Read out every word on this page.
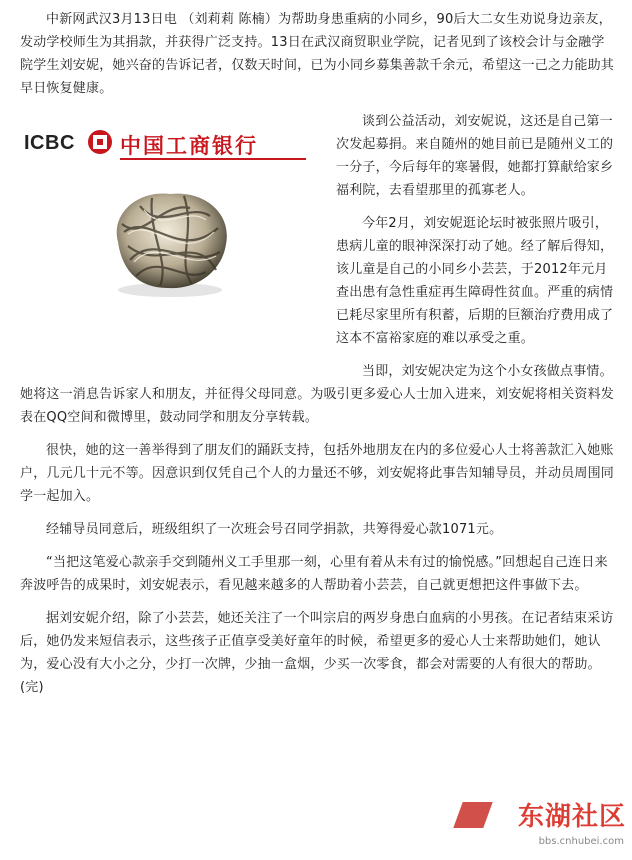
中新网武汉3月13日电 （刘莉莉 陈楠）为帮助身患重病的小同乡，90后大二女生劝说身边亲友，发动学校师生为其捐款，并获得广泛支持。13日在武汉商贸职业学院，记者见到了该校会计与金融学院学生刘安妮，她兴奋的告诉记者，仅数天时间，已为小同乡募集善款千余元，希望这一己之力能助其早日恢复健康。

ICBC 中国工商银行

谈到公益活动，刘安妮说，这还是自己第一次发起募捐。来自随州的她目前已是随州义工的一分子，今后每年的寒暑假，她都打算献给家乡福利院，去看望那里的孤寡老人。

今年2月，刘安妮逛论坛时被张照片吸引，患病儿童的眼神深深打动了她。经了解后得知，该儿童是自己的小同乡小芸芸，于2012年元月查出患有急性重症再生障碍性贫血。严重的病情已耗尽家里所有积蓄，后期的巨额治疗费用成了这本不富裕家庭的难以承受之重。

当即，刘安妮决定为这个小女孩做点事情。她将这一消息告诉家人和朋友，并征得父母同意。为吸引更多爱心人士加入进来，刘安妮将相关资料发表在QQ空间和微博里，鼓动同学和朋友分享转载。

很快，她的这一善举得到了朋友们的踊跃支持，包括外地朋友在内的多位爱心人士将善款汇入她账户，几元几十元不等。因意识到仅凭自己个人的力量还不够，刘安妮将此事告知辅导员，并动员周围同学一起加入。

经辅导员同意后，班级组织了一次班会号召同学捐款，共筹得爱心款1071元。

“当把这笔爱心款亲手交到随州义工手里那一刻，心里有着从未有过的愉悦感。”回想起自己连日来奔波呼告的成果时，刘安妮表示，看见越来越多的人帮助着小芸芸，自己就更想把这件事做下去。

据刘安妮介绍，除了小芸芸，她还关注了一个叫宗启的两岁身患白血病的小男孩。在记者结束采访后，她仍发来短信表示，这些孩子正值享受美好童年的时候，希望更多的爱心人士来帮助她们，她认为，爱心没有大小之分，少打一次牌，少抽一盒烟，少买一次零食，都会对需要的人有很大的帮助。(完)

东湖社区
bbs.cnhubei.com
